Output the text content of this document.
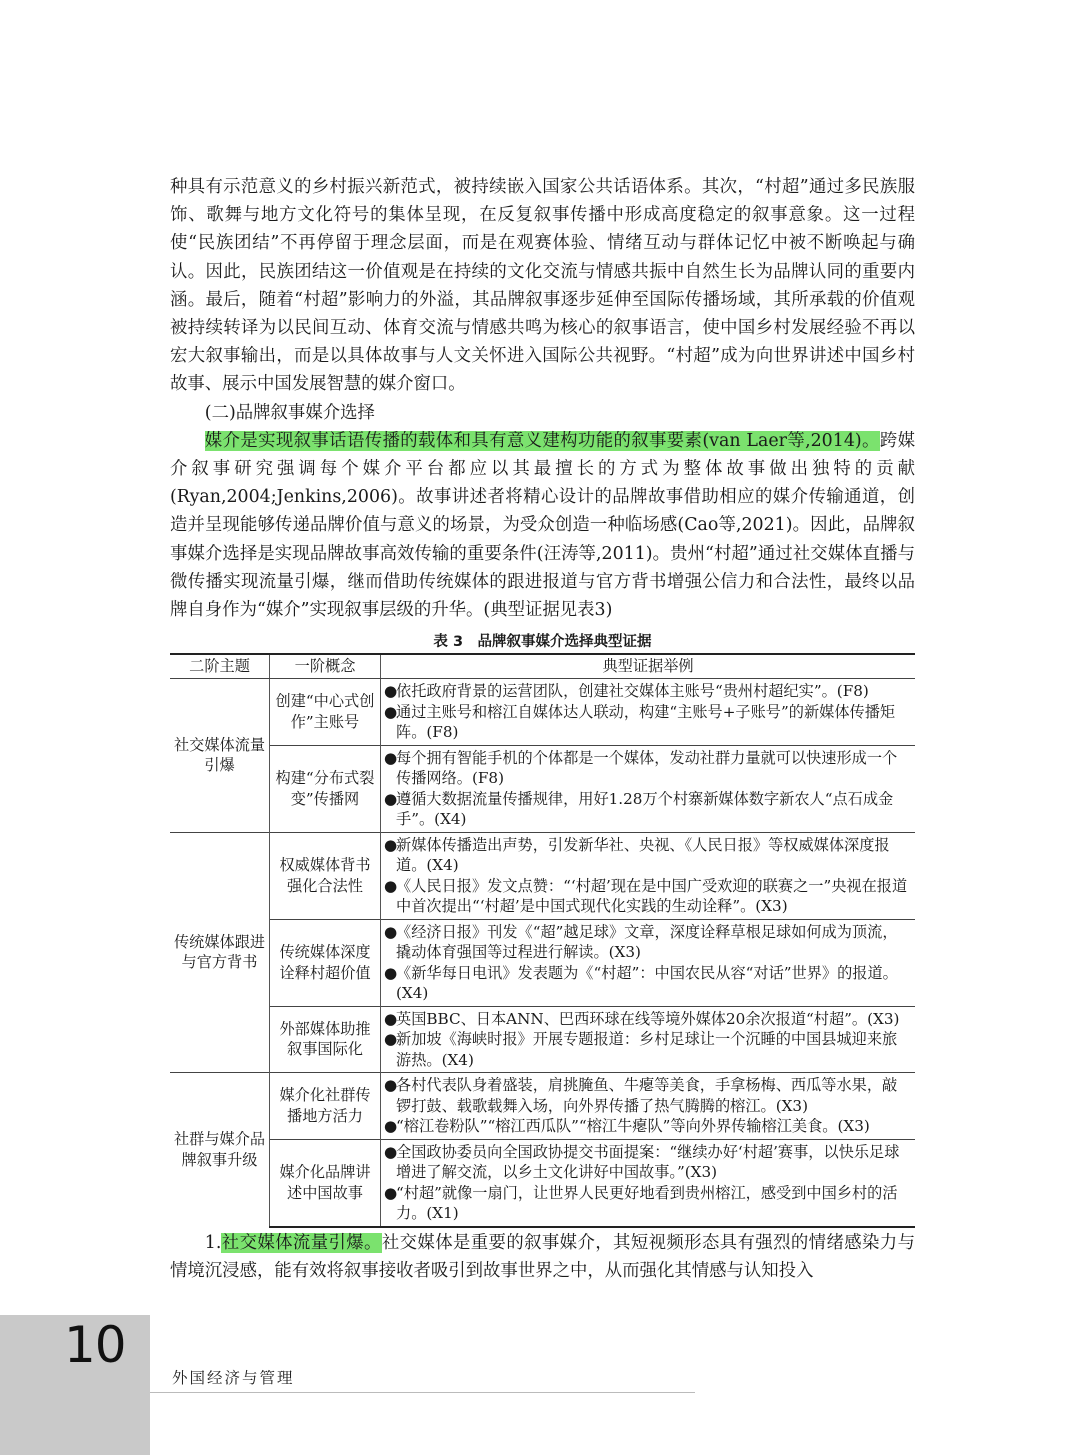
种具有示范意义的乡村振兴新范式，被持续嵌入国家公共话语体系。其次，“村超”通过多民族服饰、歌舞与地方文化符号的集体呈现，在反复叙事传播中形成高度稳定的叙事意象。这一过程使“民族团结”不再停留于理念层面，而是在观赛体验、情绪互动与群体记忆中被不断唤起与确认。因此，民族团结这一价值观是在持续的文化交流与情感共振中自然生长为品牌认同的重要内涵。最后，随着“村超”影响力的外溢，其品牌叙事逐步延伸至国际传播场域，其所承载的价值观被持续转译为以民间互动、体育交流与情感共鸣为核心的叙事语言，使中国乡村发展经验不再以宏大叙事输出，而是以具体故事与人文关怀进入国际公共视野。“村超”成为向世界讲述中国乡村故事、展示中国发展智慧的媒介窗口。

(二)品牌叙事媒介选择

媒介是实现叙事话语传播的载体和具有意义建构功能的叙事要素(van Laer等,2014)。跨媒介叙事研究强调每个媒介平台都应以其最擅长的方式为整体故事做出独特的贡献(Ryan,2004;Jenkins,2006)。故事讲述者将精心设计的品牌故事借助相应的媒介传输通道，创造并呈现能够传递品牌价值与意义的场景，为受众创造一种临场感(Cao等,2021)。因此，品牌叙事媒介选择是实现品牌故事高效传输的重要条件(汪涛等,2011)。贵州“村超”通过社交媒体直播与微传播实现流量引爆，继而借助传统媒体的跟进报道与官方背书增强公信力和合法性，最终以品牌自身作为“媒介”实现叙事层级的升华。(典型证据见表3)

表 3　品牌叙事媒介选择典型证据
二阶主题	一阶概念	典型证据举例
社交媒体流量引爆	创建“中心式创作”主账号	●依托政府背景的运营团队，创建社交媒体主账号“贵州村超纪实”。(F8)
●通过主账号和榕江自媒体达人联动，构建“主账号+子账号”的新媒体传播矩阵。(F8)

	构建“分布式裂变”传播网	●每个拥有智能手机的个体都是一个媒体，发动社群力量就可以快速形成一个传播网络。(F8)
●遵循大数据流量传播规律，用好1.28万个村寨新媒体数字新农人“点石成金手”。(X4)

传统媒体跟进与官方背书	权威媒体背书强化合法性	●新媒体传播造出声势，引发新华社、央视、《人民日报》等权威媒体深度报道。(X4)
●《人民日报》发文点赞：“‘村超’现在是中国广受欢迎的联赛之一”央视在报道中首次提出“‘村超’是中国式现代化实践的生动诠释”。(X3)

	传统媒体深度诠释村超价值	●《经济日报》刊发《“超”越足球》文章，深度诠释草根足球如何成为顶流，撬动体育强国等过程进行解读。(X3)
●《新华每日电讯》发表题为《“村超”：中国农民从容“对话”世界》的报道。(X4)

	外部媒体助推叙事国际化	●英国BBC、日本ANN、巴西环球在线等境外媒体20余次报道“村超”。(X3)
●新加坡《海峡时报》开展专题报道：乡村足球让一个沉睡的中国县城迎来旅游热。(X4)

社群与媒介品牌叙事升级	媒介化社群传播地方活力	●各村代表队身着盛装，肩挑腌鱼、牛瘪等美食，手拿杨梅、西瓜等水果，敲锣打鼓、载歌载舞入场，向外界传播了热气腾腾的榕江。(X3)
●“榕江卷粉队”“榕江西瓜队”“榕江牛瘪队”等向外界传输榕江美食。(X3)

	媒介化品牌讲述中国故事	●全国政协委员向全国政协提交书面提案：“继续办好‘村超’赛事，以快乐足球增进了解交流，以乡土文化讲好中国故事。”(X3)
●“村超”就像一扇门，让世界人民更好地看到贵州榕江，感受到中国乡村的活力。(X1)

1.社交媒体流量引爆。社交媒体是重要的叙事媒介，其短视频形态具有强烈的情绪感染力与情境沉浸感，能有效将叙事接收者吸引到故事世界之中，从而强化其情感与认知投入

10
外国经济与管理
